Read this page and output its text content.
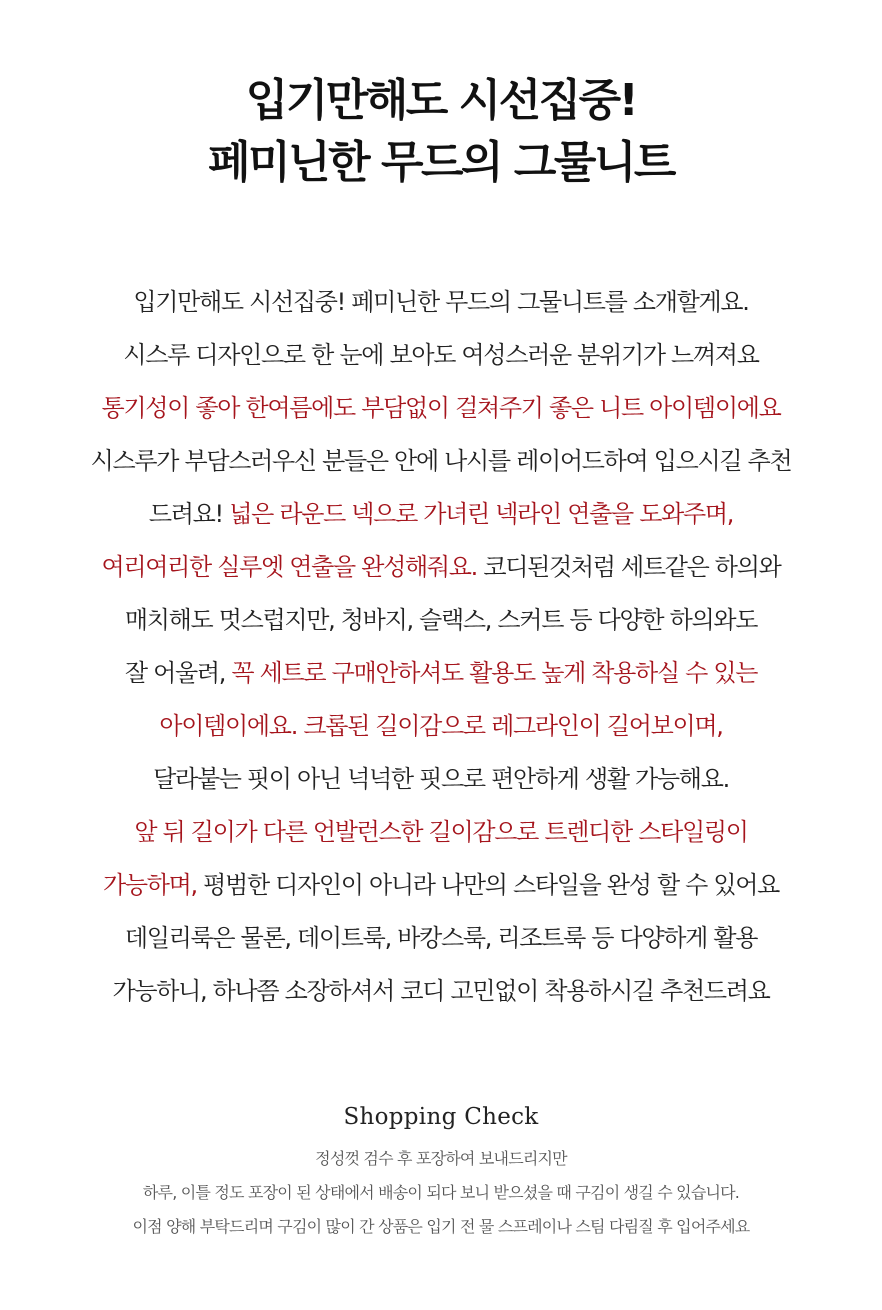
입기만해도 시선집중!
페미닌한 무드의 그물니트
입기만해도 시선집중! 페미닌한 무드의 그물니트를 소개할게요.
시스루 디자인으로 한 눈에 보아도 여성스러운 분위기가 느껴져요
통기성이 좋아 한여름에도 부담없이 걸쳐주기 좋은 니트 아이템이에요
시스루가 부담스러우신 분들은 안에 나시를 레이어드하여 입으시길 추천
드려요! 넓은 라운드 넥으로 가녀린 넥라인 연출을 도와주며,
여리여리한 실루엣 연출을 완성해줘요. 코디된것처럼 세트같은 하의와
매치해도 멋스럽지만, 청바지, 슬랙스, 스커트 등 다양한 하의와도
잘 어울려, 꼭 세트로 구매안하셔도 활용도 높게 착용하실 수 있는
아이템이에요. 크롭된 길이감으로 레그라인이 길어보이며,
달라붙는 핏이 아닌 넉넉한 핏으로 편안하게 생활 가능해요.
앞 뒤 길이가 다른 언발런스한 길이감으로 트렌디한 스타일링이
가능하며, 평범한 디자인이 아니라 나만의 스타일을 완성 할 수 있어요
데일리룩은 물론, 데이트룩, 바캉스룩, 리조트룩 등 다양하게 활용
가능하니, 하나쯤 소장하셔서 코디 고민없이 착용하시길 추천드려요
Shopping Check
정성껏 검수 후 포장하여 보내드리지만
하루, 이틀 정도 포장이 된 상태에서 배송이 되다 보니 받으셨을 때 구김이 생길 수 있습니다.
이점 양해 부탁드리며 구김이 많이 간 상품은 입기 전 물 스프레이나 스팀 다림질 후 입어주세요
